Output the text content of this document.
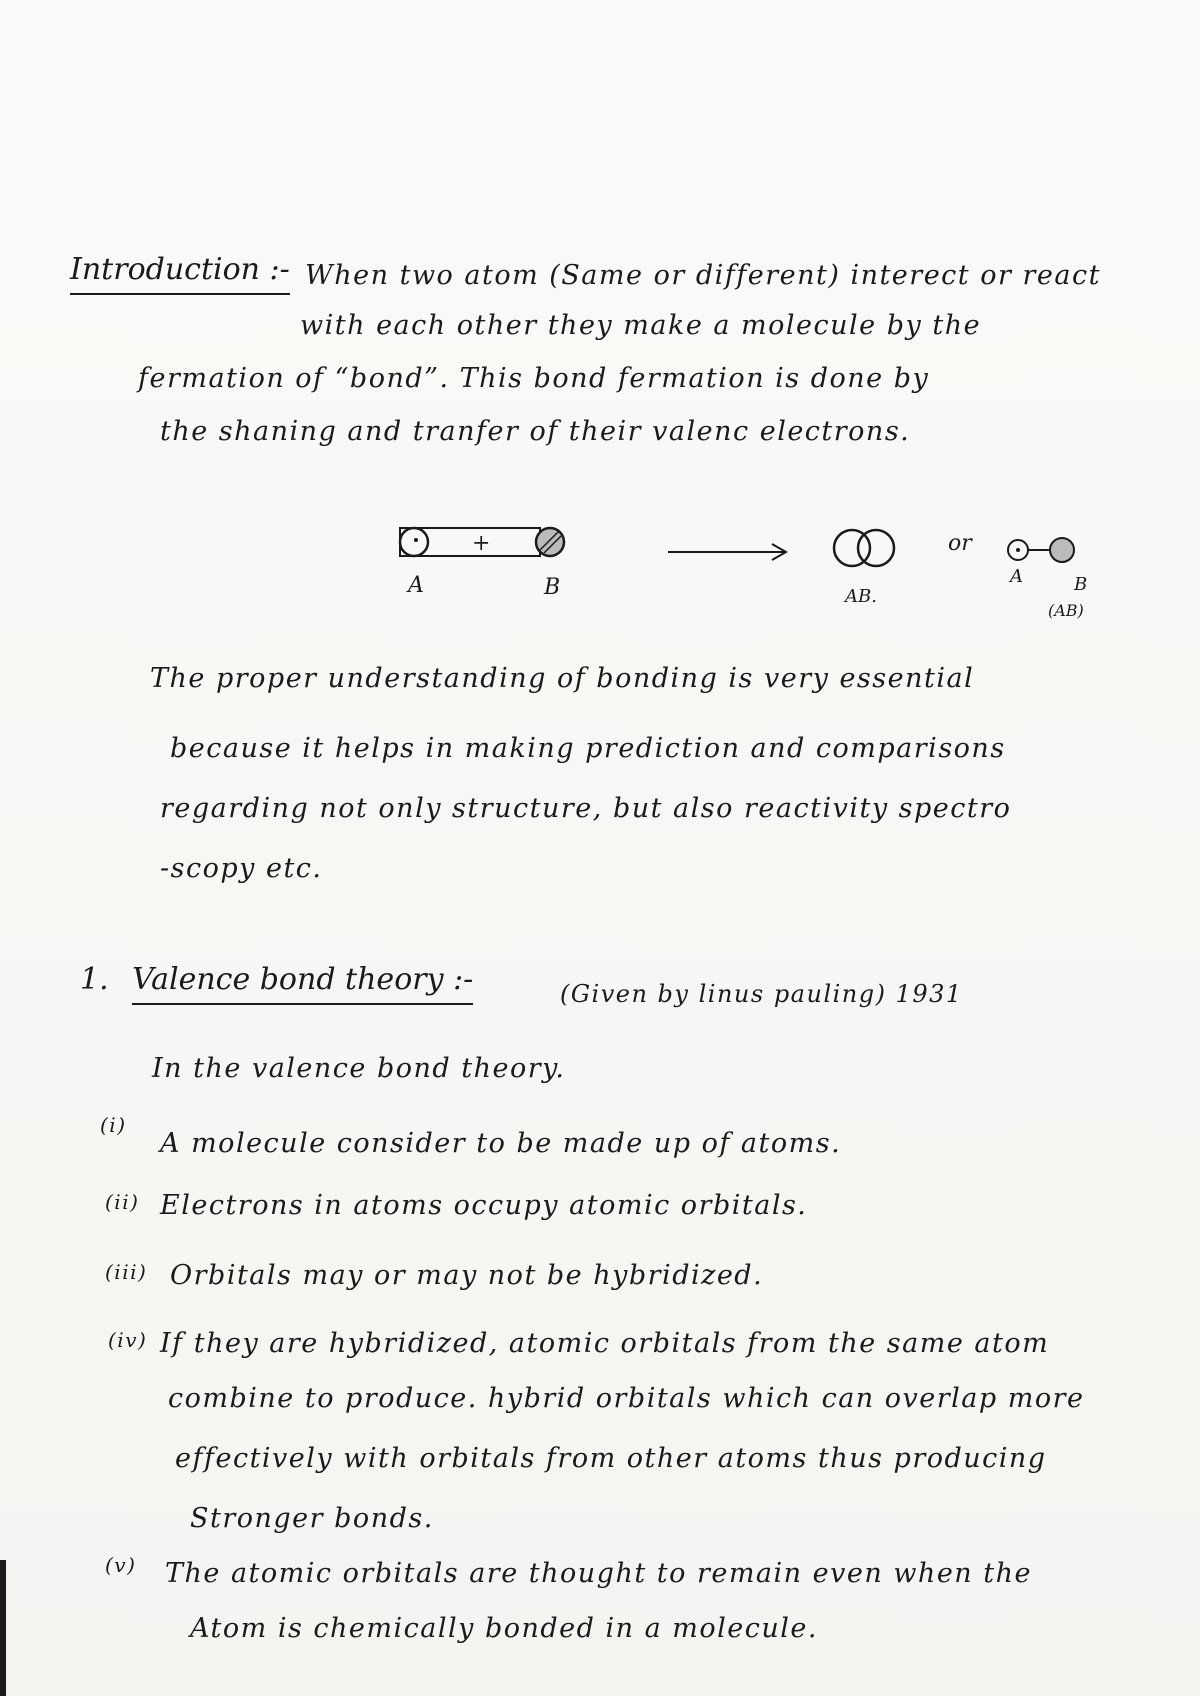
Introduction :- When two atom (Same or different) interect or react
with each other they make a molecule by the
fermation of “bond”. This bond fermation is done by
the shaning and tranfer of their valenc electrons.
+
A	B	AB.
or
A	B
(AB)
The proper understanding of bonding is very essential
because it helps in making prediction and comparisons
regarding not only structure, but also reactivity spectro
-scopy etc.
1. Valence bond theory :-	(Given by linus pauling) 1931
In the valence bond theory.
(i)
A molecule consider to be made up of atoms.
(ii) Electrons in atoms occupy atomic orbitals.
(iii) Orbitals may or may not be hybridized.
(iv) If they are hybridized, atomic orbitals from the same atom
combine to produce. hybrid orbitals which can overlap more
effectively with orbitals from other atoms thus producing
Stronger bonds.
(v) The atomic orbitals are thought to remain even when the
Atom is chemically bonded in a molecule.
